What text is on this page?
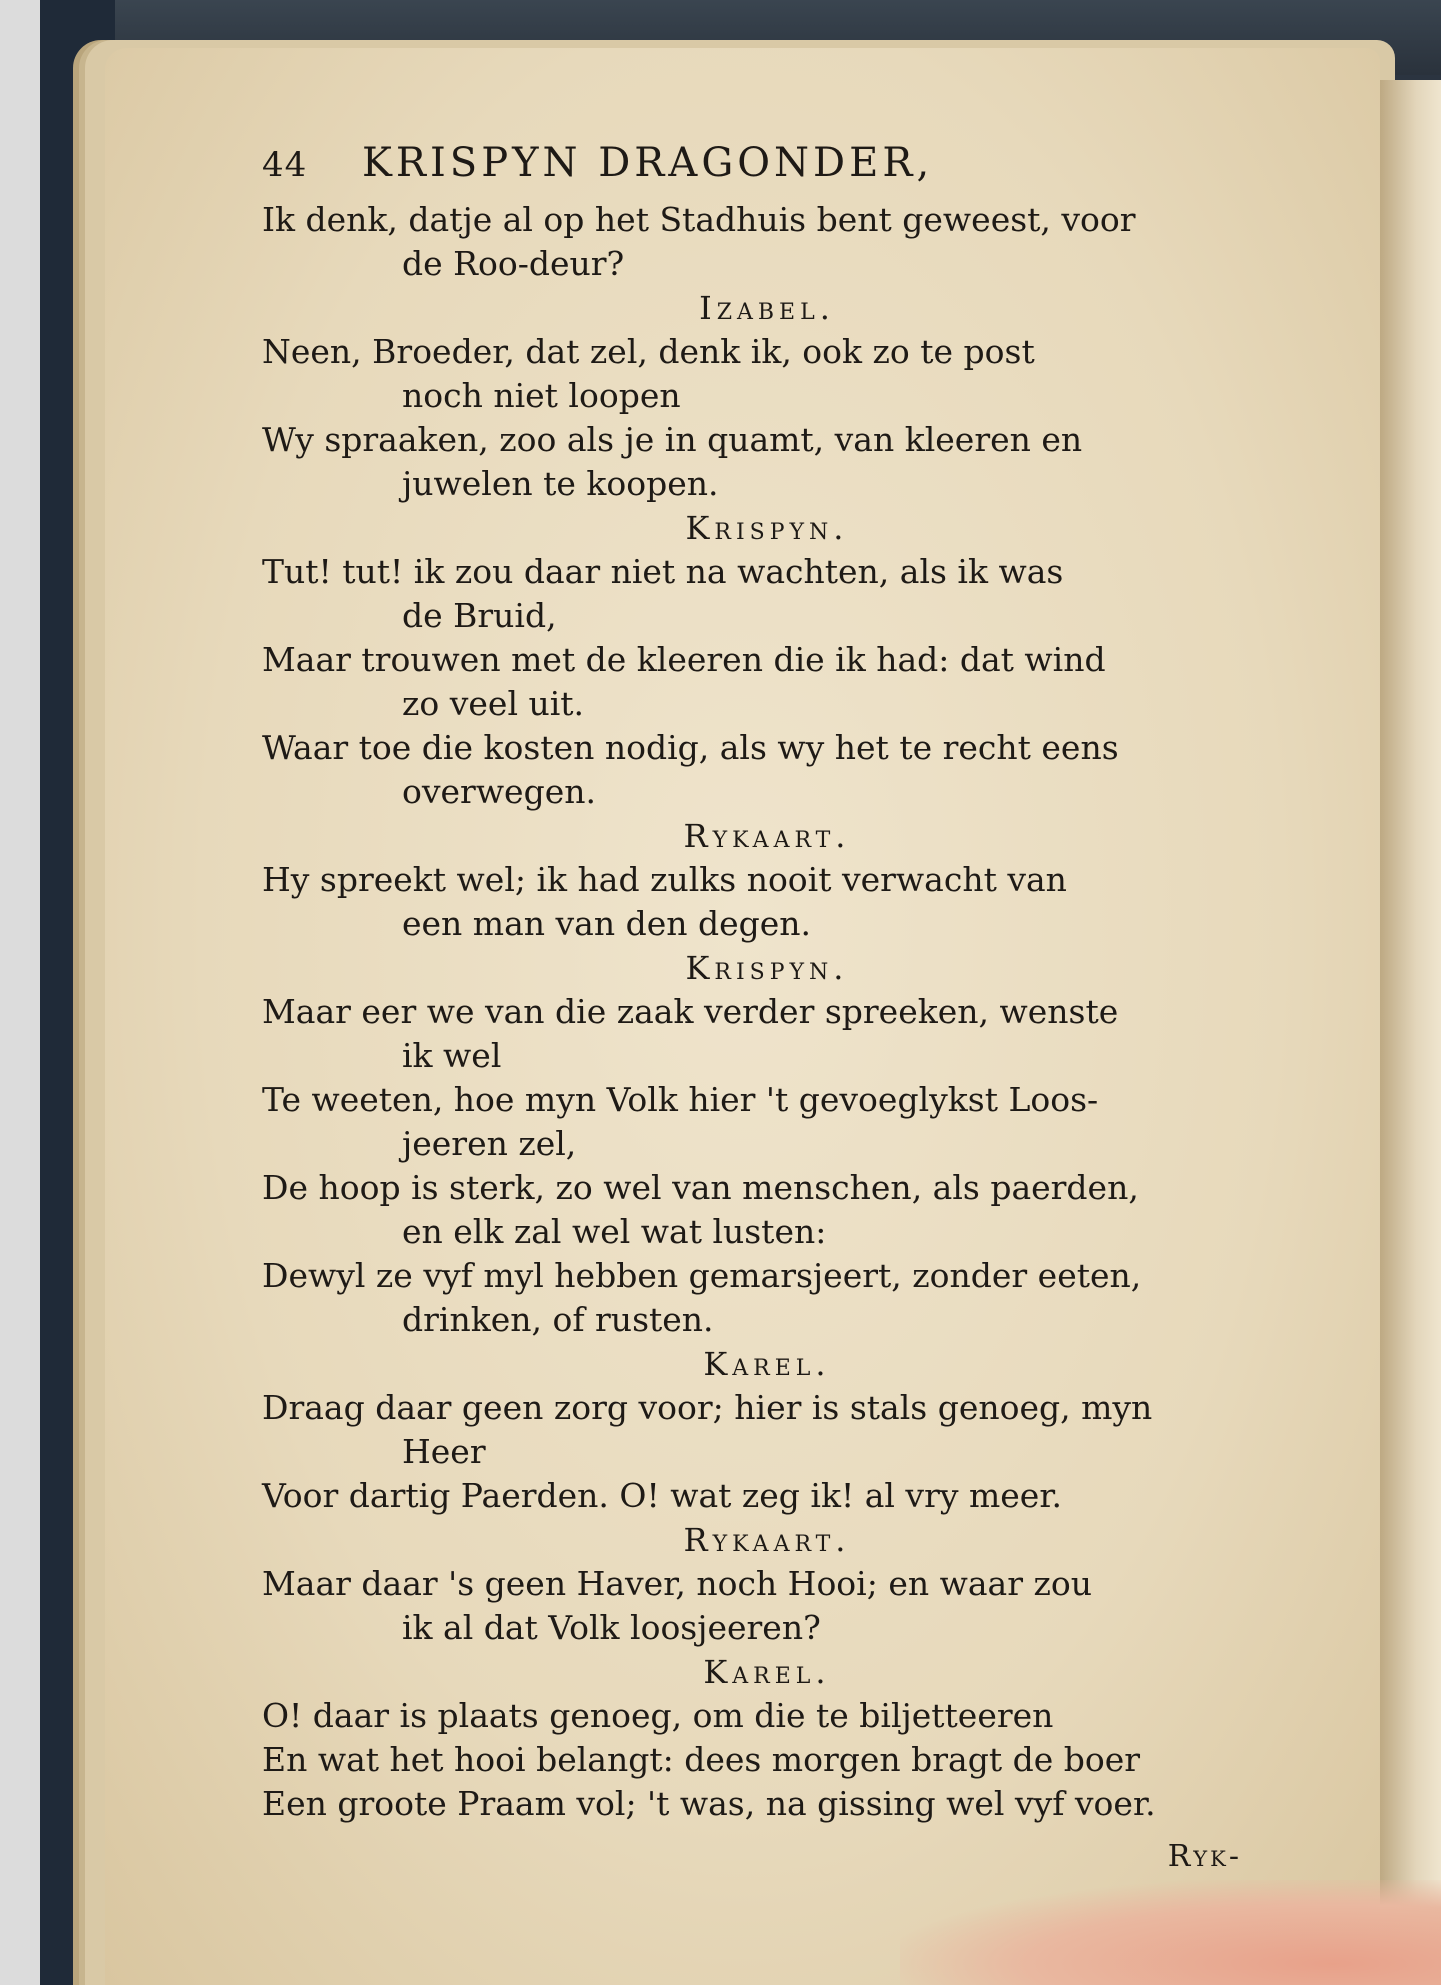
44	KRISPYN DRAGONDER,
Ik denk, datje al op het Stadhuis bent geweest, voor
de Roo-deur?
Izabel.
Neen, Broeder, dat zel, denk ik, ook zo te post
noch niet loopen
Wy spraaken, zoo als je in quamt, van kleeren en
juwelen te koopen.
Krispyn.
Tut! tut! ik zou daar niet na wachten, als ik was
de Bruid,
Maar trouwen met de kleeren die ik had: dat wind
zo veel uit.
Waar toe die kosten nodig, als wy het te recht eens
overwegen.
Rykaart.
Hy spreekt wel; ik had zulks nooit verwacht van
een man van den degen.
Krispyn.
Maar eer we van die zaak verder spreeken, wenste
ik wel
Te weeten, hoe myn Volk hier 't gevoeglykst Loos-
jeeren zel,
De hoop is sterk, zo wel van menschen, als paerden,
en elk zal wel wat lusten:
Dewyl ze vyf myl hebben gemarsjeert, zonder eeten,
drinken, of rusten.
Karel.
Draag daar geen zorg voor; hier is stals genoeg, myn
Heer
Voor dartig Paerden. O! wat zeg ik! al vry meer.
Rykaart.
Maar daar 's geen Haver, noch Hooi; en waar zou
ik al dat Volk loosjeeren?
Karel.
O! daar is plaats genoeg, om die te biljetteeren
En wat het hooi belangt: dees morgen bragt de boer
Een groote Praam vol; 't was, na gissing wel vyf voer.
Ryk-
